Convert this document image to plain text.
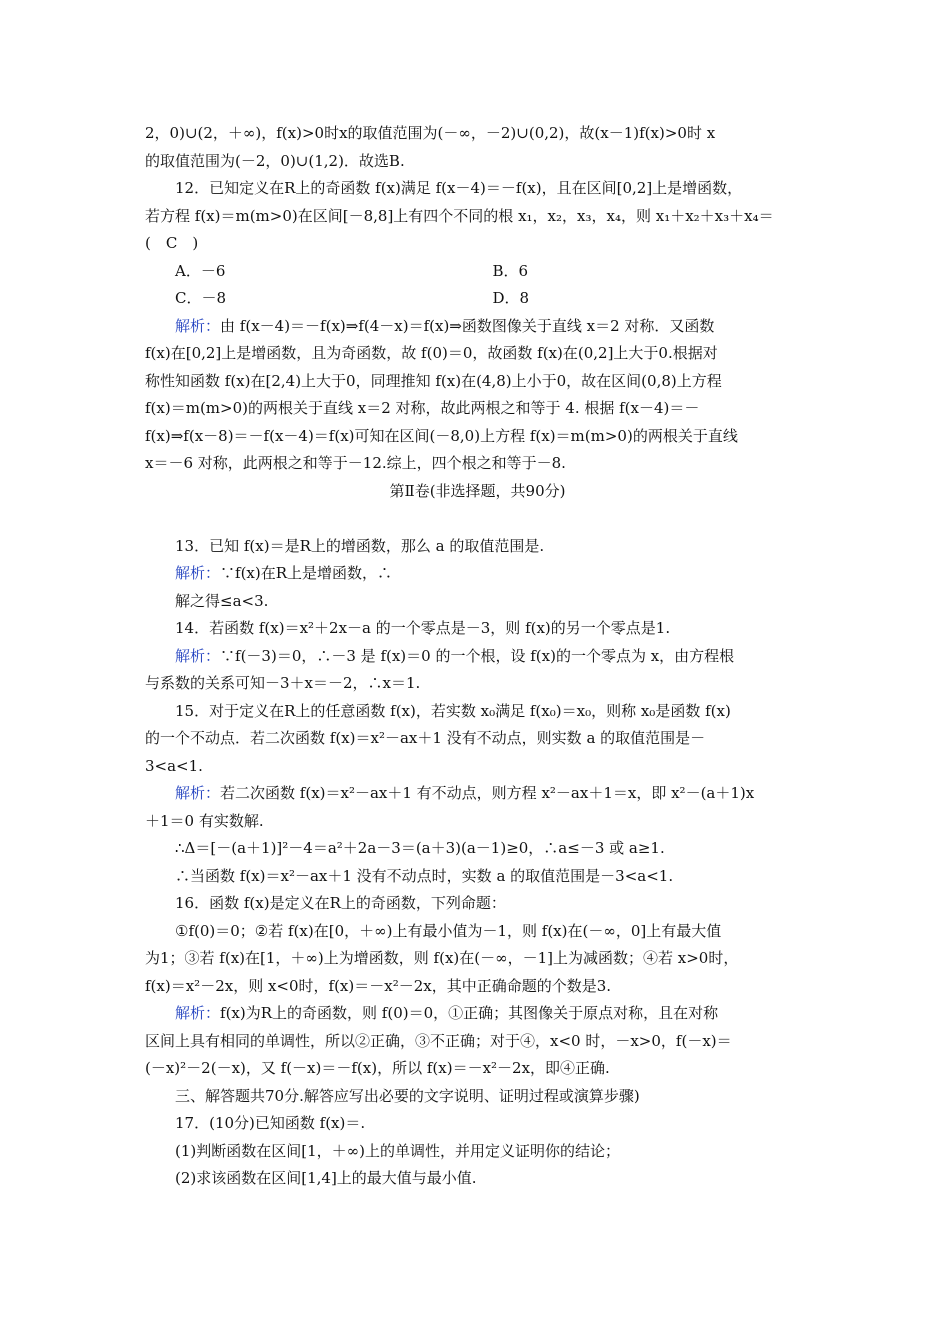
2，0)∪(2，＋∞)，f(x)>0时x的取值范围为(－∞，－2)∪(0,2)，故(x－1)f(x)>0时 x
的取值范围为(－2，0)∪(1,2)．故选B.
12．已知定义在R上的奇函数 f(x)满足 f(x－4)＝－f(x)，且在区间[0,2]上是增函数，
若方程 f(x)＝m(m>0)在区间[－8,8]上有四个不同的根 x₁，x₂，x₃，x₄，则 x₁＋x₂＋x₃＋x₄＝
(　C　)
A．－6	B．6
C．－8	D．8
解析：由 f(x－4)＝－f(x)⇒f(4－x)＝f(x)⇒函数图像关于直线 x＝2 对称．又函数
f(x)在[0,2]上是增函数，且为奇函数，故 f(0)＝0，故函数 f(x)在(0,2]上大于0.根据对
称性知函数 f(x)在[2,4)上大于0，同理推知 f(x)在(4,8)上小于0，故在区间(0,8)上方程
f(x)＝m(m>0)的两根关于直线 x＝2 对称，故此两根之和等于 4. 根据 f(x－4)＝－
f(x)⇒f(x－8)＝－f(x－4)＝f(x)可知在区间(－8,0)上方程 f(x)＝m(m>0)的两根关于直线
x＝－6 对称，此两根之和等于－12.综上，四个根之和等于－8.
第Ⅱ卷(非选择题，共90分)
13．已知 f(x)＝是R上的增函数，那么 a 的取值范围是.
解析：∵f(x)在R上是增函数，∴
解之得≤a<3.
14．若函数 f(x)＝x²＋2x－a 的一个零点是－3，则 f(x)的另一个零点是1.
解析：∵f(－3)＝0，∴－3 是 f(x)＝0 的一个根，设 f(x)的一个零点为 x，由方程根
与系数的关系可知－3＋x＝－2，∴x＝1.
15．对于定义在R上的任意函数 f(x)，若实数 x₀满足 f(x₀)＝x₀，则称 x₀是函数 f(x)
的一个不动点．若二次函数 f(x)＝x²－ax＋1 没有不动点，则实数 a 的取值范围是－
3<a<1.
解析：若二次函数 f(x)＝x²－ax＋1 有不动点，则方程 x²－ax＋1＝x，即 x²－(a＋1)x
＋1＝0 有实数解.
∴Δ＝[－(a＋1)]²－4＝a²＋2a－3＝(a＋3)(a－1)≥0，∴a≤－3 或 a≥1.
∴当函数 f(x)＝x²－ax＋1 没有不动点时，实数 a 的取值范围是－3<a<1.
16．函数 f(x)是定义在R上的奇函数，下列命题：
①f(0)＝0；②若 f(x)在[0，＋∞)上有最小值为－1，则 f(x)在(－∞，0]上有最大值
为1；③若 f(x)在[1，＋∞)上为增函数，则 f(x)在(－∞，－1]上为减函数；④若 x>0时，
f(x)＝x²－2x，则 x<0时，f(x)＝－x²－2x，其中正确命题的个数是3.
解析：f(x)为R上的奇函数，则 f(0)＝0，①正确；其图像关于原点对称，且在对称
区间上具有相同的单调性，所以②正确，③不正确；对于④，x<0 时，－x>0，f(－x)＝
(－x)²－2(－x)，又 f(－x)＝－f(x)，所以 f(x)＝－x²－2x，即④正确.
三、解答题共70分.解答应写出必要的文字说明、证明过程或演算步骤)
17．(10分)已知函数 f(x)＝.
(1)判断函数在区间[1，＋∞)上的单调性，并用定义证明你的结论；
(2)求该函数在区间[1,4]上的最大值与最小值.
